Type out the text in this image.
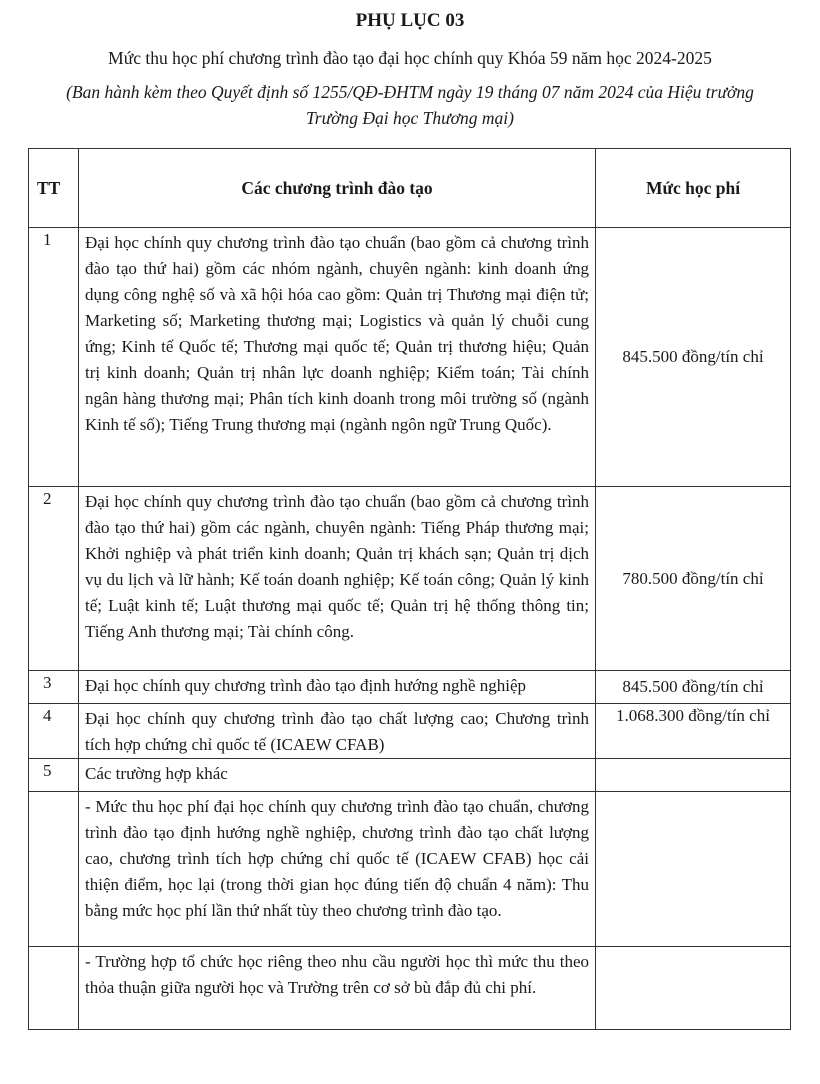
PHỤ LỤC 03
Mức thu học phí chương trình đào tạo đại học chính quy Khóa 59 năm học 2024-2025
(Ban hành kèm theo Quyết định số 1255/QĐ-ĐHTM ngày 19 tháng 07 năm 2024 của Hiệu trưởng Trường Đại học Thương mại)
TT	Các chương trình đào tạo	Mức học phí
1	Đại học chính quy chương trình đào tạo chuẩn (bao gồm cả chương trình đào tạo thứ hai) gồm các nhóm ngành, chuyên ngành: kinh doanh ứng dụng công nghệ số và xã hội hóa cao gồm: Quản trị Thương mại điện tử; Marketing số; Marketing thương mại; Logistics và quản lý chuỗi cung ứng; Kinh tế Quốc tế; Thương mại quốc tế; Quản trị thương hiệu; Quản trị kinh doanh; Quản trị nhân lực doanh nghiệp; Kiểm toán; Tài chính ngân hàng thương mại; Phân tích kinh doanh trong môi trường số (ngành Kinh tế số); Tiếng Trung thương mại (ngành ngôn ngữ Trung Quốc).	845.500 đồng/tín chỉ
2	Đại học chính quy chương trình đào tạo chuẩn (bao gồm cả chương trình đào tạo thứ hai) gồm các ngành, chuyên ngành: Tiếng Pháp thương mại; Khởi nghiệp và phát triển kinh doanh; Quản trị khách sạn; Quản trị dịch vụ du lịch và lữ hành; Kế toán doanh nghiệp; Kế toán công; Quản lý kinh tế; Luật kinh tế; Luật thương mại quốc tế; Quản trị hệ thống thông tin; Tiếng Anh thương mại; Tài chính công.	780.500 đồng/tín chỉ
3	Đại học chính quy chương trình đào tạo định hướng nghề nghiệp	845.500 đồng/tín chỉ
4	Đại học chính quy chương trình đào tạo chất lượng cao; Chương trình tích hợp chứng chỉ quốc tế (ICAEW CFAB)	1.068.300 đồng/tín chỉ
5	Các trường hợp khác	
	- Mức thu học phí đại học chính quy chương trình đào tạo chuẩn, chương trình đào tạo định hướng nghề nghiệp, chương trình đào tạo chất lượng cao, chương trình tích hợp chứng chỉ quốc tế (ICAEW CFAB) học cải thiện điểm, học lại (trong thời gian học đúng tiến độ chuẩn 4 năm): Thu bằng mức học phí lần thứ nhất tùy theo chương trình đào tạo.	
	- Trường hợp tổ chức học riêng theo nhu cầu người học thì mức thu theo thỏa thuận giữa người học và Trường trên cơ sở bù đắp đủ chi phí.	
